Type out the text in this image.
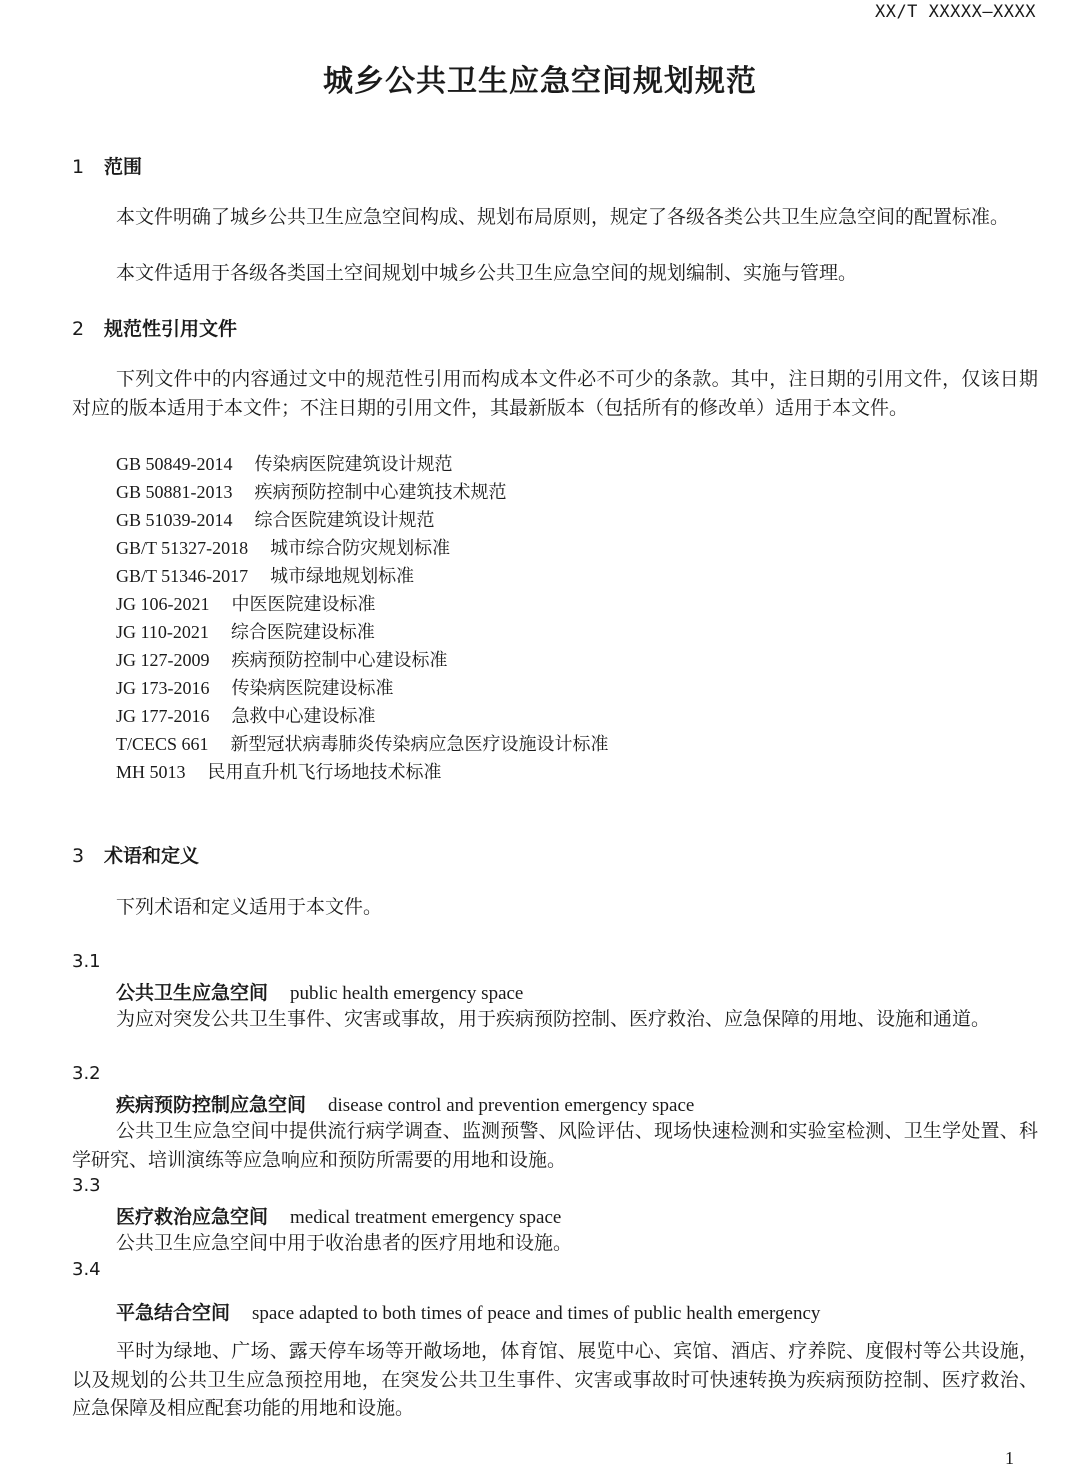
XX/T XXXXX—XXXX
城乡公共卫生应急空间规划规范
1 范围
本文件明确了城乡公共卫生应急空间构成、规划布局原则，规定了各级各类公共卫生应急空间的配置标准。
本文件适用于各级各类国土空间规划中城乡公共卫生应急空间的规划编制、实施与管理。
2 规范性引用文件
下列文件中的内容通过文中的规范性引用而构成本文件必不可少的条款。其中，注日期的引用文件，仅该日期对应的版本适用于本文件；不注日期的引用文件，其最新版本（包括所有的修改单）适用于本文件。
GB 50849-2014 传染病医院建筑设计规范
GB 50881-2013 疾病预防控制中心建筑技术规范
GB 51039-2014 综合医院建筑设计规范
GB/T 51327-2018 城市综合防灾规划标准
GB/T 51346-2017 城市绿地规划标准
JG 106-2021 中医医院建设标准
JG 110-2021 综合医院建设标准
JG 127-2009 疾病预防控制中心建设标准
JG 173-2016 传染病医院建设标准
JG 177-2016 急救中心建设标准
T/CECS 661 新型冠状病毒肺炎传染病应急医疗设施设计标准
MH 5013 民用直升机飞行场地技术标准
3 术语和定义
下列术语和定义适用于本文件。
3.1
公共卫生应急空间 public health emergency space
为应对突发公共卫生事件、灾害或事故，用于疾病预防控制、医疗救治、应急保障的用地、设施和通道。
3.2
疾病预防控制应急空间 disease control and prevention emergency space
公共卫生应急空间中提供流行病学调查、监测预警、风险评估、现场快速检测和实验室检测、卫生学处置、科学研究、培训演练等应急响应和预防所需要的用地和设施。
3.3
医疗救治应急空间 medical treatment emergency space
公共卫生应急空间中用于收治患者的医疗用地和设施。
3.4
平急结合空间 space adapted to both times of peace and times of public health emergency
平时为绿地、广场、露天停车场等开敞场地，体育馆、展览中心、宾馆、酒店、疗养院、度假村等公共设施，以及规划的公共卫生应急预控用地，在突发公共卫生事件、灾害或事故时可快速转换为疾病预防控制、医疗救治、应急保障及相应配套功能的用地和设施。
1
